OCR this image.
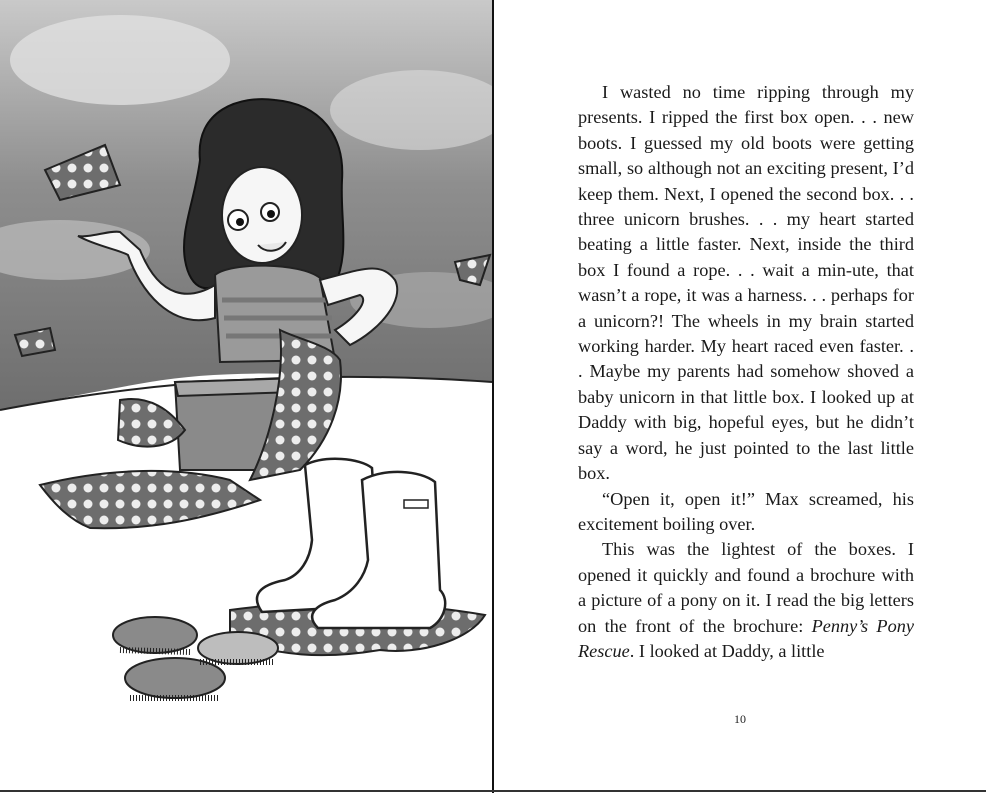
I wasted no time ripping through my presents. I ripped the first box open. . . new boots. I guessed my old boots were getting small, so although not an exciting present, I’d keep them. Next, I opened the second box. . . three unicorn brushes. . . my heart started beating a little faster. Next, inside the third box I found a rope. . . wait a min-ute, that wasn’t a rope, it was a harness. . . perhaps for a unicorn?! The wheels in my brain started working harder. My heart raced even faster. . . Maybe my parents had somehow shoved a baby unicorn in that little box. I looked up at Daddy with big, hopeful eyes, but he didn’t say a word, he just pointed to the last little box.

“Open it, open it!” Max screamed, his excitement boiling over.

This was the lightest of the boxes. I opened it quickly and found a brochure with a picture of a pony on it. I read the big letters on the front of the brochure: Penny’s Pony Rescue. I looked at Daddy, a little

10
